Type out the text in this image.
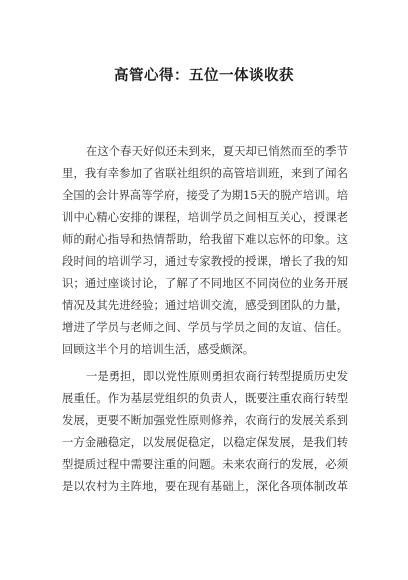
高管心得：五位一体谈收获
在这个春天好似还未到来，夏天却已悄然而至的季节
里，我有幸参加了省联社组织的高管培训班，来到了闻名
全国的会计界高等学府，接受了为期15天的脱产培训。培
训中心精心安排的课程，培训学员之间相互关心，授课老
师的耐心指导和热情帮助，给我留下难以忘怀的印象。这
段时间的培训学习，通过专家教授的授课，增长了我的知
识；通过座谈讨论，了解了不同地区不同岗位的业务开展
情况及其先进经验；通过培训交流，感受到团队的力量，
增进了学员与老师之间、学员与学员之间的友谊、信任。
回顾这半个月的培训生活，感受颇深。
一是勇担，即以党性原则勇担农商行转型提质历史发
展重任。作为基层党组织的负责人，既要注重农商行转型
发展，更要不断加强党性原则修养，农商行的发展关系到
一方金融稳定，以发展促稳定，以稳定保发展，是我们转
型提质过程中需要注重的问题。未来农商行的发展，必须
是以农村为主阵地，要在现有基础上，深化各项体制改革
